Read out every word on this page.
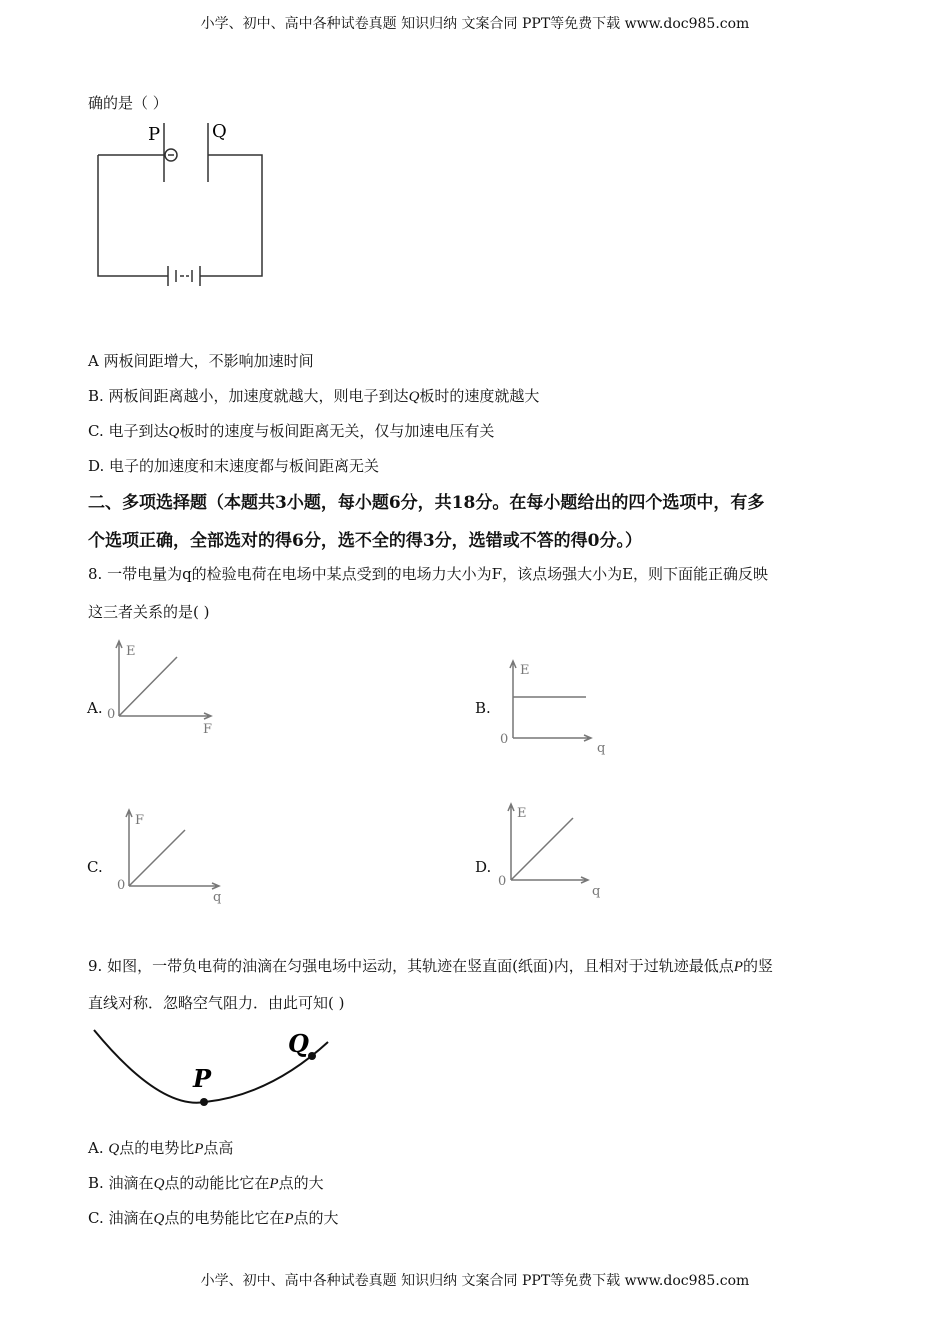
小学、初中、高中各种试卷真题 知识归纳 文案合同 PPT等免费下载 www.doc985.com
确的是（ ）
P	Q
A 两板间距增大，不影响加速时间
B. 两板间距离越小，加速度就越大，则电子到达Q板时的速度就越大
C. 电子到达Q板时的速度与板间距离无关，仅与加速电压有关
D. 电子的加速度和末速度都与板间距离无关
二、多项选择题（本题共3小题，每小题6分，共18分。在每小题给出的四个选项中，有多
个选项正确，全部选对的得6分，选不全的得3分，选错或不答的得0分。）
8. 一带电量为q的检验电荷在电场中某点受到的电场力大小为F，该点场强大小为E，则下面能正确反映
这三者关系的是( )
A.
E
F
0	B.
E
q
0
C.
F
q
0
D.
E
q
0
9. 如图，一带负电荷的油滴在匀强电场中运动，其轨迹在竖直面(纸面)内，且相对于过轨迹最低点P的竖
直线对称．忽略空气阻力．由此可知( )
P
Q
A. Q点的电势比P点高
B. 油滴在Q点的动能比它在P点的大
C. 油滴在Q点的电势能比它在P点的大
小学、初中、高中各种试卷真题 知识归纳 文案合同 PPT等免费下载 www.doc985.com
